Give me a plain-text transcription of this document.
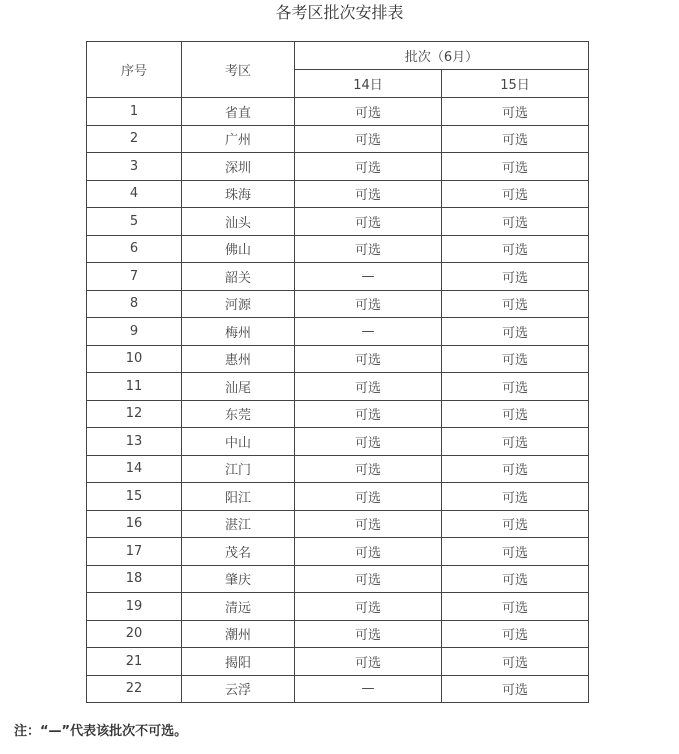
各考区批次安排表
序号	考区	批次（6月）	
		14日	15日
1	省直	可选	可选
2	广州	可选	可选
3	深圳	可选	可选
4	珠海	可选	可选
5	汕头	可选	可选
6	佛山	可选	可选
7	韶关	—	可选
8	河源	可选	可选
9	梅州	—	可选
10	惠州	可选	可选
11	汕尾	可选	可选
12	东莞	可选	可选
13	中山	可选	可选
14	江门	可选	可选
15	阳江	可选	可选
16	湛江	可选	可选
17	茂名	可选	可选
18	肇庆	可选	可选
19	清远	可选	可选
20	潮州	可选	可选
21	揭阳	可选	可选
22	云浮	—	可选
注：“—”代表该批次不可选。
